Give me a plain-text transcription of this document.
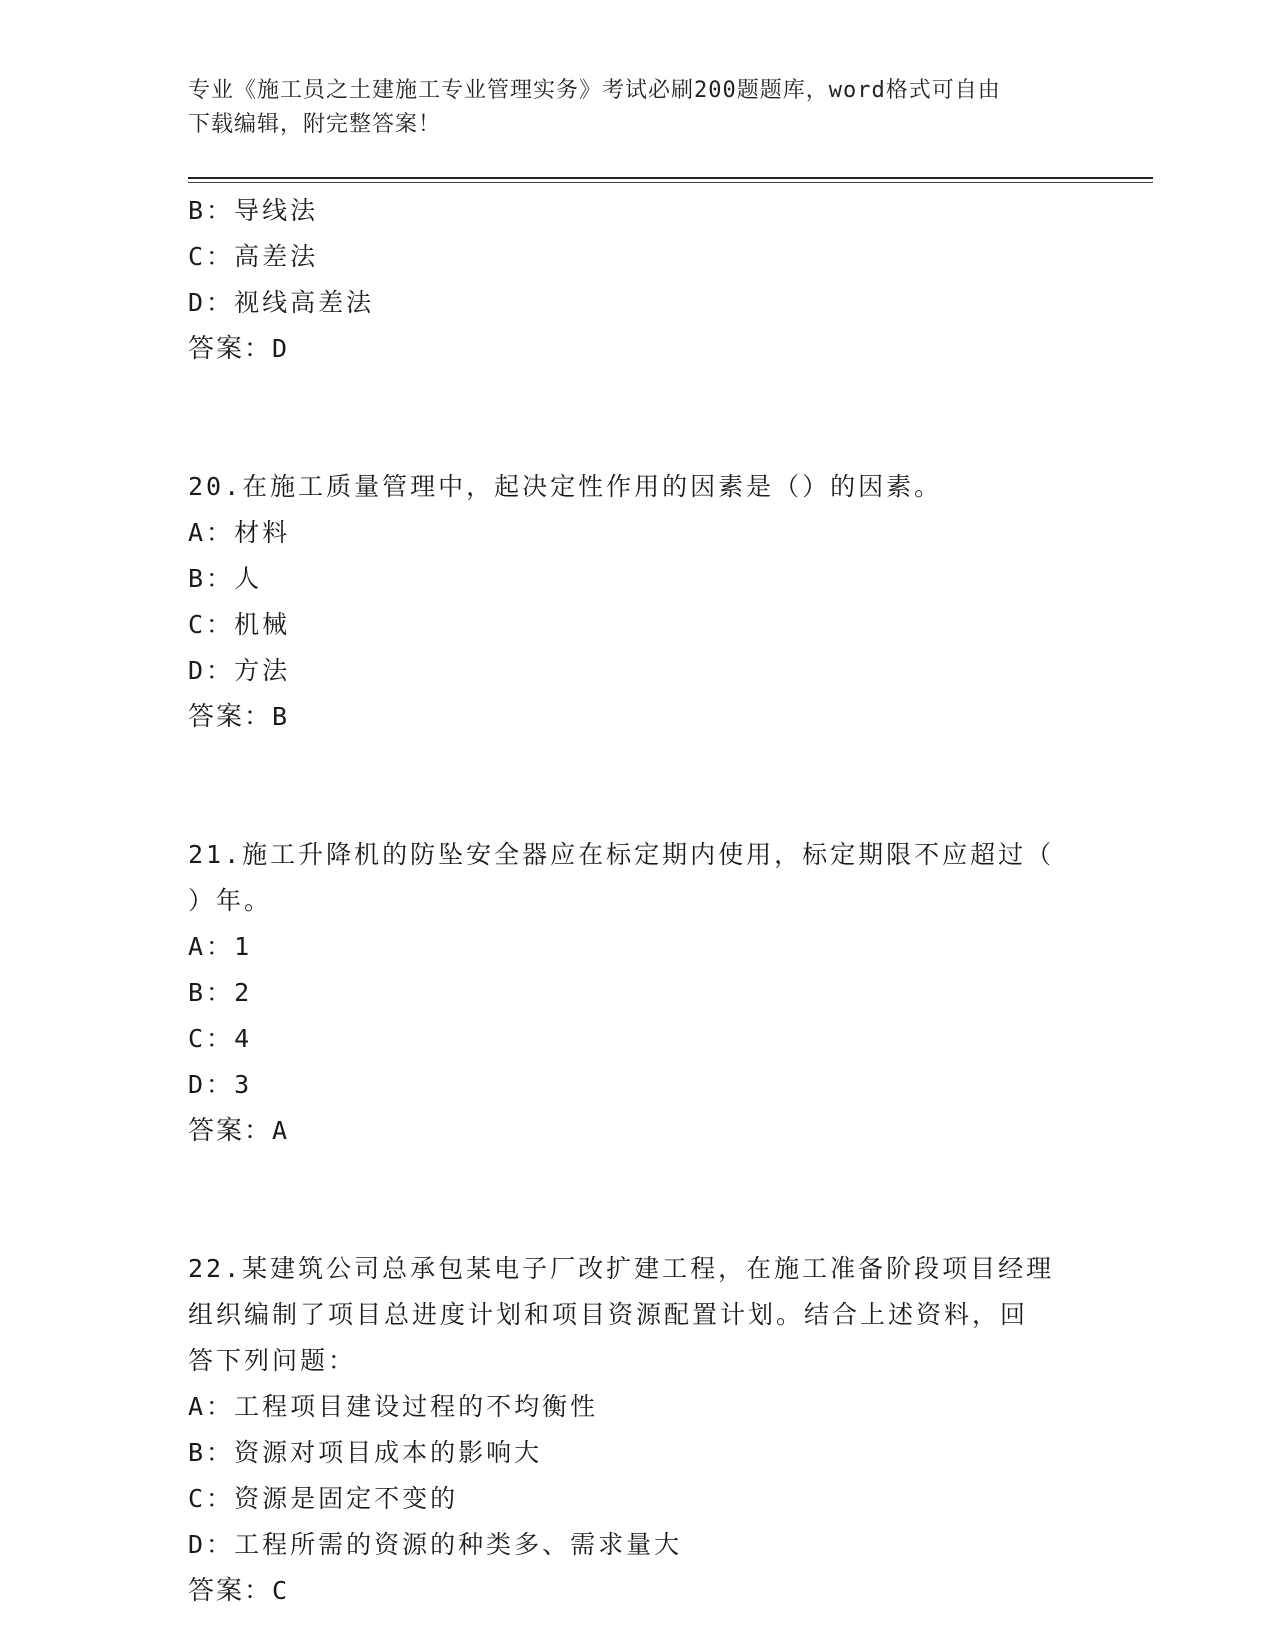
专业《施工员之土建施工专业管理实务》考试必刷200题题库，word格式可自由
下载编辑，附完整答案！
B：导线法
C：高差法
D：视线高差法
答案：D
20.在施工质量管理中，起决定性作用的因素是（）的因素。
A：材料
B：人
C：机械
D：方法
答案：B
21.施工升降机的防坠安全器应在标定期内使用，标定期限不应超过（
）年。
A：1
B：2
C：4
D：3
答案：A
22.某建筑公司总承包某电子厂改扩建工程，在施工准备阶段项目经理
组织编制了项目总进度计划和项目资源配置计划。结合上述资料，回
答下列问题：
A：工程项目建设过程的不均衡性
B：资源对项目成本的影响大
C：资源是固定不变的
D：工程所需的资源的种类多、需求量大
答案：C
